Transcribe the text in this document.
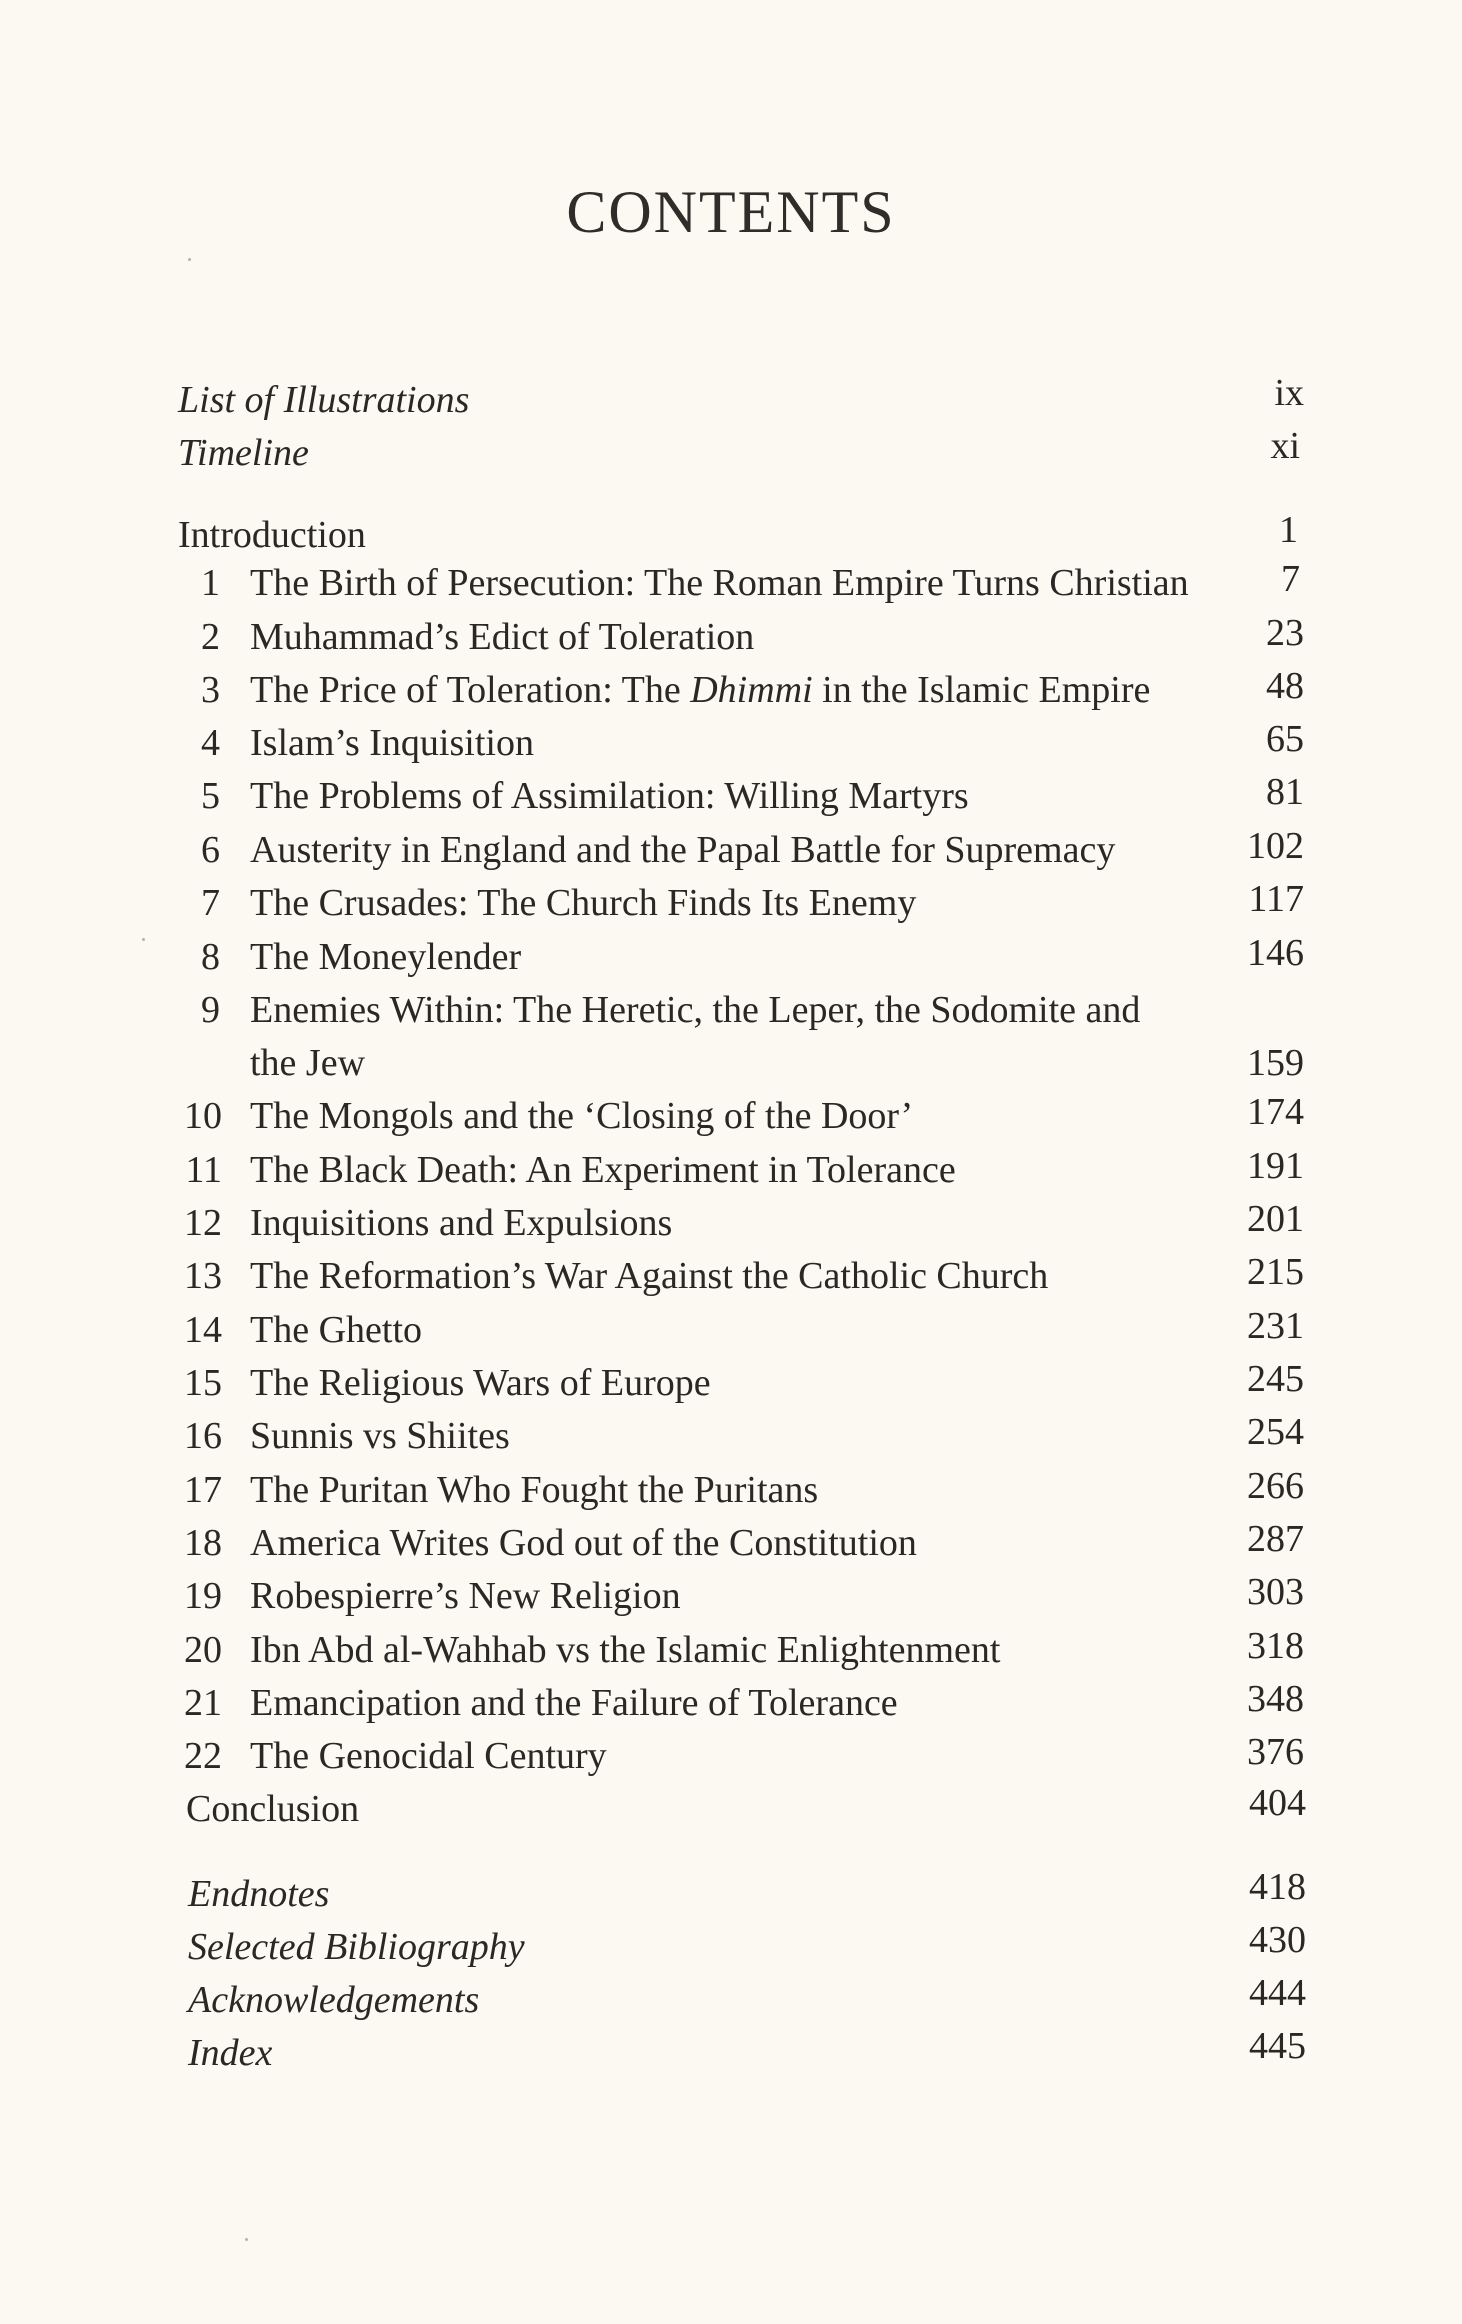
CONTENTS
List of Illustrations	ix
Timeline	xi
Introduction	1
1 The Birth of Persecution: The Roman Empire Turns Christian 7
2 Muhammad’s Edict of Toleration	23
3 The Price of Toleration: The Dhimmi in the Islamic Empire	48
4 Islam’s Inquisition	65
5 The Problems of Assimilation: Willing Martyrs	81
6 Austerity in England and the Papal Battle for Supremacy	102
7 The Crusades: The Church Finds Its Enemy	117
8 The Moneylender	146
9 Enemies Within: The Heretic, the Leper, the Sodomite and
the Jew	159
10 The Mongols and the ‘Closing of the Door’	174
11 The Black Death: An Experiment in Tolerance	191
12 Inquisitions and Expulsions	201
13 The Reformation’s War Against the Catholic Church	215
14 The Ghetto	231
15 The Religious Wars of Europe	245
16 Sunnis vs Shiites	254
17 The Puritan Who Fought the Puritans	266
18 America Writes God out of the Constitution	287
19 Robespierre’s New Religion	303
20 Ibn Abd al-Wahhab vs the Islamic Enlightenment	318
21 Emancipation and the Failure of Tolerance	348
22 The Genocidal Century	376
Conclusion	404
Endnotes	418
Selected Bibliography	430
Acknowledgements	444
Index	445
